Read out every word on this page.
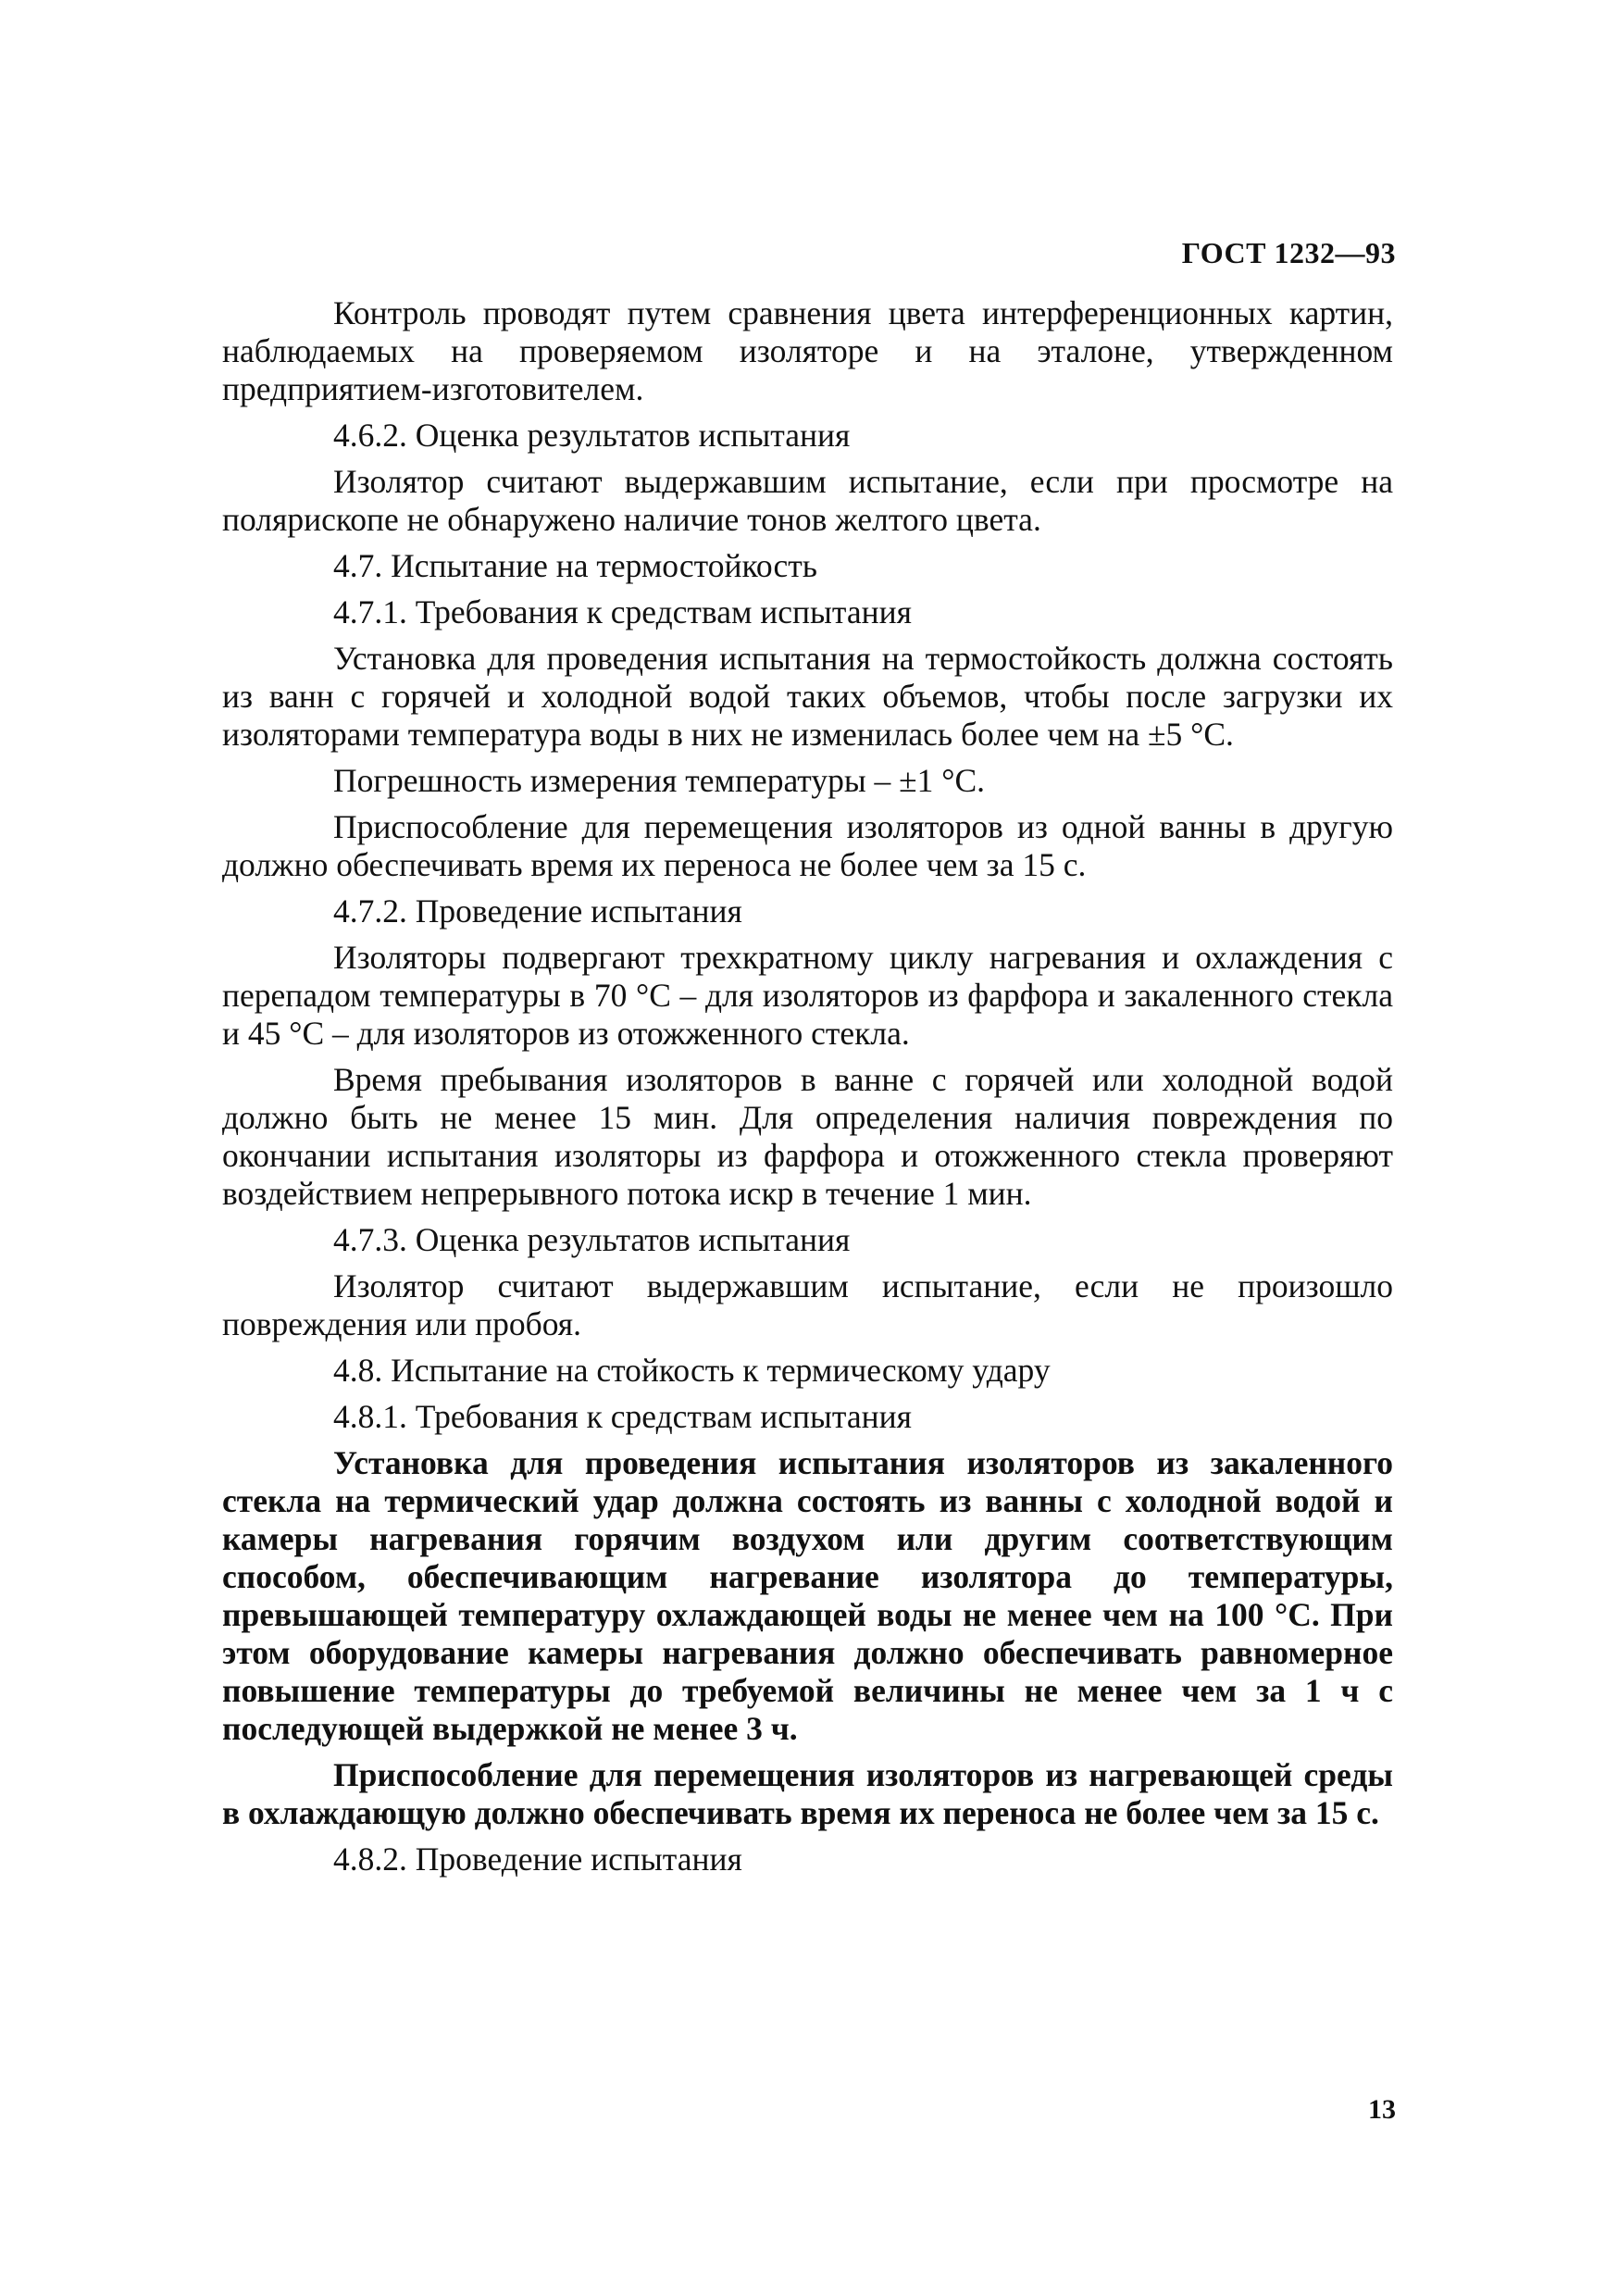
ГОСТ 1232—93

Контроль проводят путем сравнения цвета интерференционных картин, наблюдаемых на проверяемом изоляторе и на эталоне, утвержденном предприятием-изготовителем.

4.6.2. Оценка результатов испытания

Изолятор считают выдержавшим испытание, если при просмотре на полярископе не обнаружено наличие тонов желтого цвета.

4.7. Испытание на термостойкость

4.7.1. Требования к средствам испытания

Установка для проведения испытания на термостойкость должна состоять из ванн с горячей и холодной водой таких объемов, чтобы после загрузки их изоляторами температура воды в них не изменилась более чем на ±5 °С.

Погрешность измерения температуры – ±1 °С.

Приспособление для перемещения изоляторов из одной ванны в другую должно обеспечивать время их переноса не более чем за 15 с.

4.7.2. Проведение испытания

Изоляторы подвергают трехкратному циклу нагревания и охлаждения с перепадом температуры в 70 °С – для изоляторов из фарфора и закаленного стекла и 45 °С – для изоляторов из отожженного стекла.

Время пребывания изоляторов в ванне с горячей или холодной водой должно быть не менее 15 мин. Для определения наличия повреждения по окончании испытания изоляторы из фарфора и отожженного стекла проверяют воздействием непрерывного потока искр в течение 1 мин.

4.7.3. Оценка результатов испытания

Изолятор считают выдержавшим испытание, если не произошло повреждения или пробоя.

4.8. Испытание на стойкость к термическому удару

4.8.1. Требования к средствам испытания

Установка для проведения испытания изоляторов из закаленного стекла на термический удар должна состоять из ванны с холодной водой и камеры нагревания горячим воздухом или другим соответствующим способом, обеспечивающим нагревание изолятора до температуры, превышающей температуру охлаждающей воды не менее чем на 100 °С. При этом оборудование камеры нагревания должно обеспечивать равномерное повышение температуры до требуемой величины не менее чем за 1 ч с последующей выдержкой не менее 3 ч.

Приспособление для перемещения изоляторов из нагревающей среды в охлаждающую должно обеспечивать время их переноса не более чем за 15 с.

4.8.2. Проведение испытания

13
